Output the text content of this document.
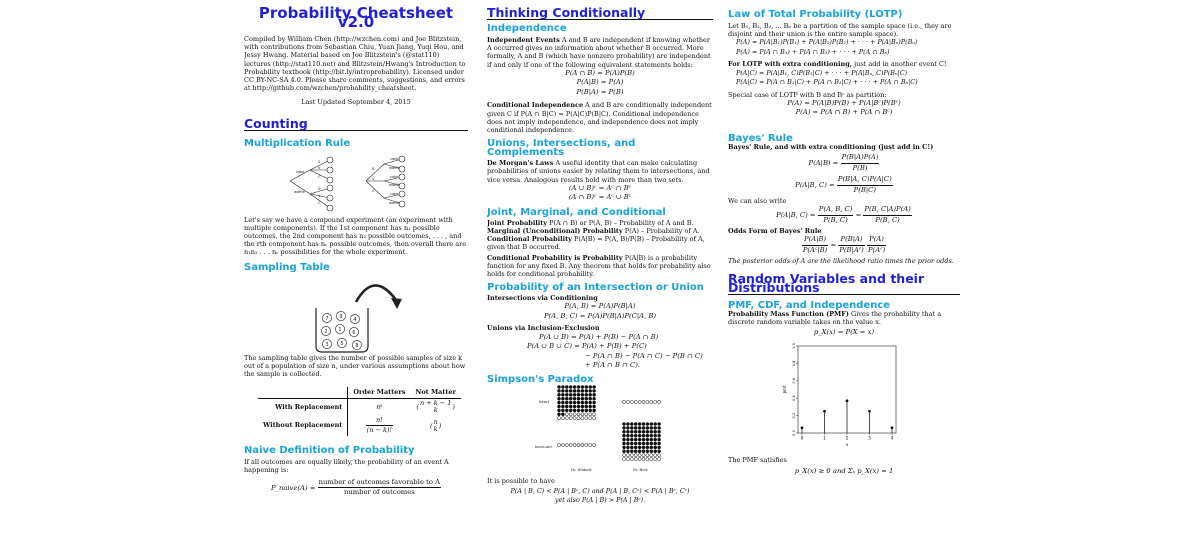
Probability Cheatsheet v2.0
Compiled by William Chen (http://wzchen.com) and Joe Blitzstein, with contributions from Sebastian Chiu, Yuan Jiang, Yuqi Hou, and Jessy Hwang. Material based on Joe Blitzstein's (@stat110) lectures (http://stat110.net) and Blitzstein/Hwang's Introduction to Probability textbook (http://bit.ly/introprobability). Licensed under CC BY-NC-SA 4.0. Please share comments, suggestions, and errors at http://github.com/wzchen/probability_cheatsheet.
Last Updated September 4, 2015
Counting
Multiplication Rule
cake
waffle
S
V
C
S
V
C
S
V
C
cake
waffle
cake
waffle
cake
waffle
Let's say we have a compound experiment (an experiment with multiple components). If the 1st component has n₁ possible outcomes, the 2nd component has n₂ possible outcomes, . . . , and the rth component has nᵣ possible outcomes, then overall there are n₁n₂ . . . nᵣ possibilities for the whole experiment.
Sampling Table
7 9 4
2 1 6
3 5 8
The sampling table gives the number of possible samples of size k out of a population of size n, under various assumptions about how the sample is collected.
	Order Matters	Not Matter
With Replacement	nᵏ	( n + k − 1
k )
Without Replacement	$\frac{n!}{(n - k)!}$	( n
k )
Naive Definition of Probability
If all outcomes are equally likely, the probability of an event A happening is:
P_naive(A) = $\frac{\text{number of outcomes favorable to A}}{\text{number of outcomes}}$
Thinking Conditionally
Independence
Independent Events A and B are independent if knowing whether A occurred gives no information about whether B occurred. More formally, A and B (which have nonzero probability) are independent if and only if one of the following equivalent statements holds:
P(A ∩ B) = P(A)P(B)
P(A|B) = P(A)
P(B|A) = P(B)
Conditional Independence A and B are conditionally independent given C if P(A ∩ B|C) = P(A|C)P(B|C). Conditional independence does not imply independence, and independence does not imply conditional independence.
Unions, Intersections, and Complements
De Morgan's Laws A useful identity that can make calculating probabilities of unions easier by relating them to intersections, and vice versa. Analogous results hold with more than two sets.
(A ∪ B)ᶜ = Aᶜ ∩ Bᶜ
(A ∩ B)ᶜ = Aᶜ ∪ Bᶜ
Joint, Marginal, and Conditional
Joint Probability P(A ∩ B) or P(A, B) – Probability of A and B.
Marginal (Unconditional) Probability P(A) – Probability of A.
Conditional Probability P(A|B) = P(A, B)/P(B) – Probability of A, given that B occurred.
Conditional Probability is Probability P(A|B) is a probability function for any fixed B. Any theorem that holds for probability also holds for conditional probability.
Probability of an Intersection or Union
Intersections via Conditioning
P(A, B) = P(A)P(B|A)
P(A, B, C) = P(A)P(B|A)P(C|A, B)
Unions via Inclusion-Exclusion
P(A ∪ B) = P(A) + P(B) − P(A ∩ B)
P(A ∪ B ∪ C) = P(A) + P(B) + P(C)
− P(A ∩ B) − P(A ∩ C) − P(B ∩ C)
+ P(A ∩ B ∩ C).
Simpson's Paradox
heart
band-aid
Dr. Hibbert	Dr. Nick
It is possible to have
P(A | B, C) < P(A | Bᶜ, C) and P(A | B, Cᶜ) < P(A | Bᶜ, Cᶜ)
yet also P(A | B) > P(A | Bᶜ).
Law of Total Probability (LOTP)
Let B₁, B₂, B₃, ... Bₙ be a partition of the sample space (i.e., they are disjoint and their union is the entire sample space).
P(A) = P(A|B₁)P(B₁) + P(A|B₂)P(B₂) + · · · + P(A|Bₙ)P(Bₙ)
P(A) = P(A ∩ B₁) + P(A ∩ B₂) + · · · + P(A ∩ Bₙ)
For LOTP with extra conditioning, just add in another event C!
P(A|C) = P(A|B₁, C)P(B₁|C) + · · · + P(A|Bₙ, C)P(Bₙ|C)
P(A|C) = P(A ∩ B₁|C) + P(A ∩ B₂|C) + · · · + P(A ∩ Bₙ|C)
Special case of LOTP with B and Bᶜ as partition:
P(A) = P(A|B)P(B) + P(A|Bᶜ)P(Bᶜ)
P(A) = P(A ∩ B) + P(A ∩ Bᶜ)
Bayes' Rule
Bayes' Rule, and with extra conditioning (just add in C!)
$P(A|B) = \frac{P(B|A)P(A)}{P(B)}$
P(A|B, $C) = \frac{P(B|A, C)P(A|C)}{P(B|C)}$
We can also write
P(A|B, $C) = \frac{P(A, B, C)}{P(B, C)} = \frac{P(B, C|A)P(A)}{P(B, C)}$
Odds Form of Bayes' Rule
$\frac{P(A|B)}{\text{P(Aᶜ|B)}} = \frac{P(B|A)}{\text{P(B|Aᶜ)}}$
$\frac{P(A)}{\text{P(Aᶜ)}}$
The posterior odds of A are the likelihood ratio times the prior odds.
Random Variables and their Distributions
PMF, CDF, and Independence
Probability Mass Function (PMF) Gives the probability that a discrete random variable takes on the value x.
p_X(x) = P(X = x)
0.0
0.2
0.4
0.6
0.8
1.0
0	1	2	3	4
x
pmf
The PMF satisfies
p_X(x) ≥ 0 and Σₓ p_X(x) = 1
